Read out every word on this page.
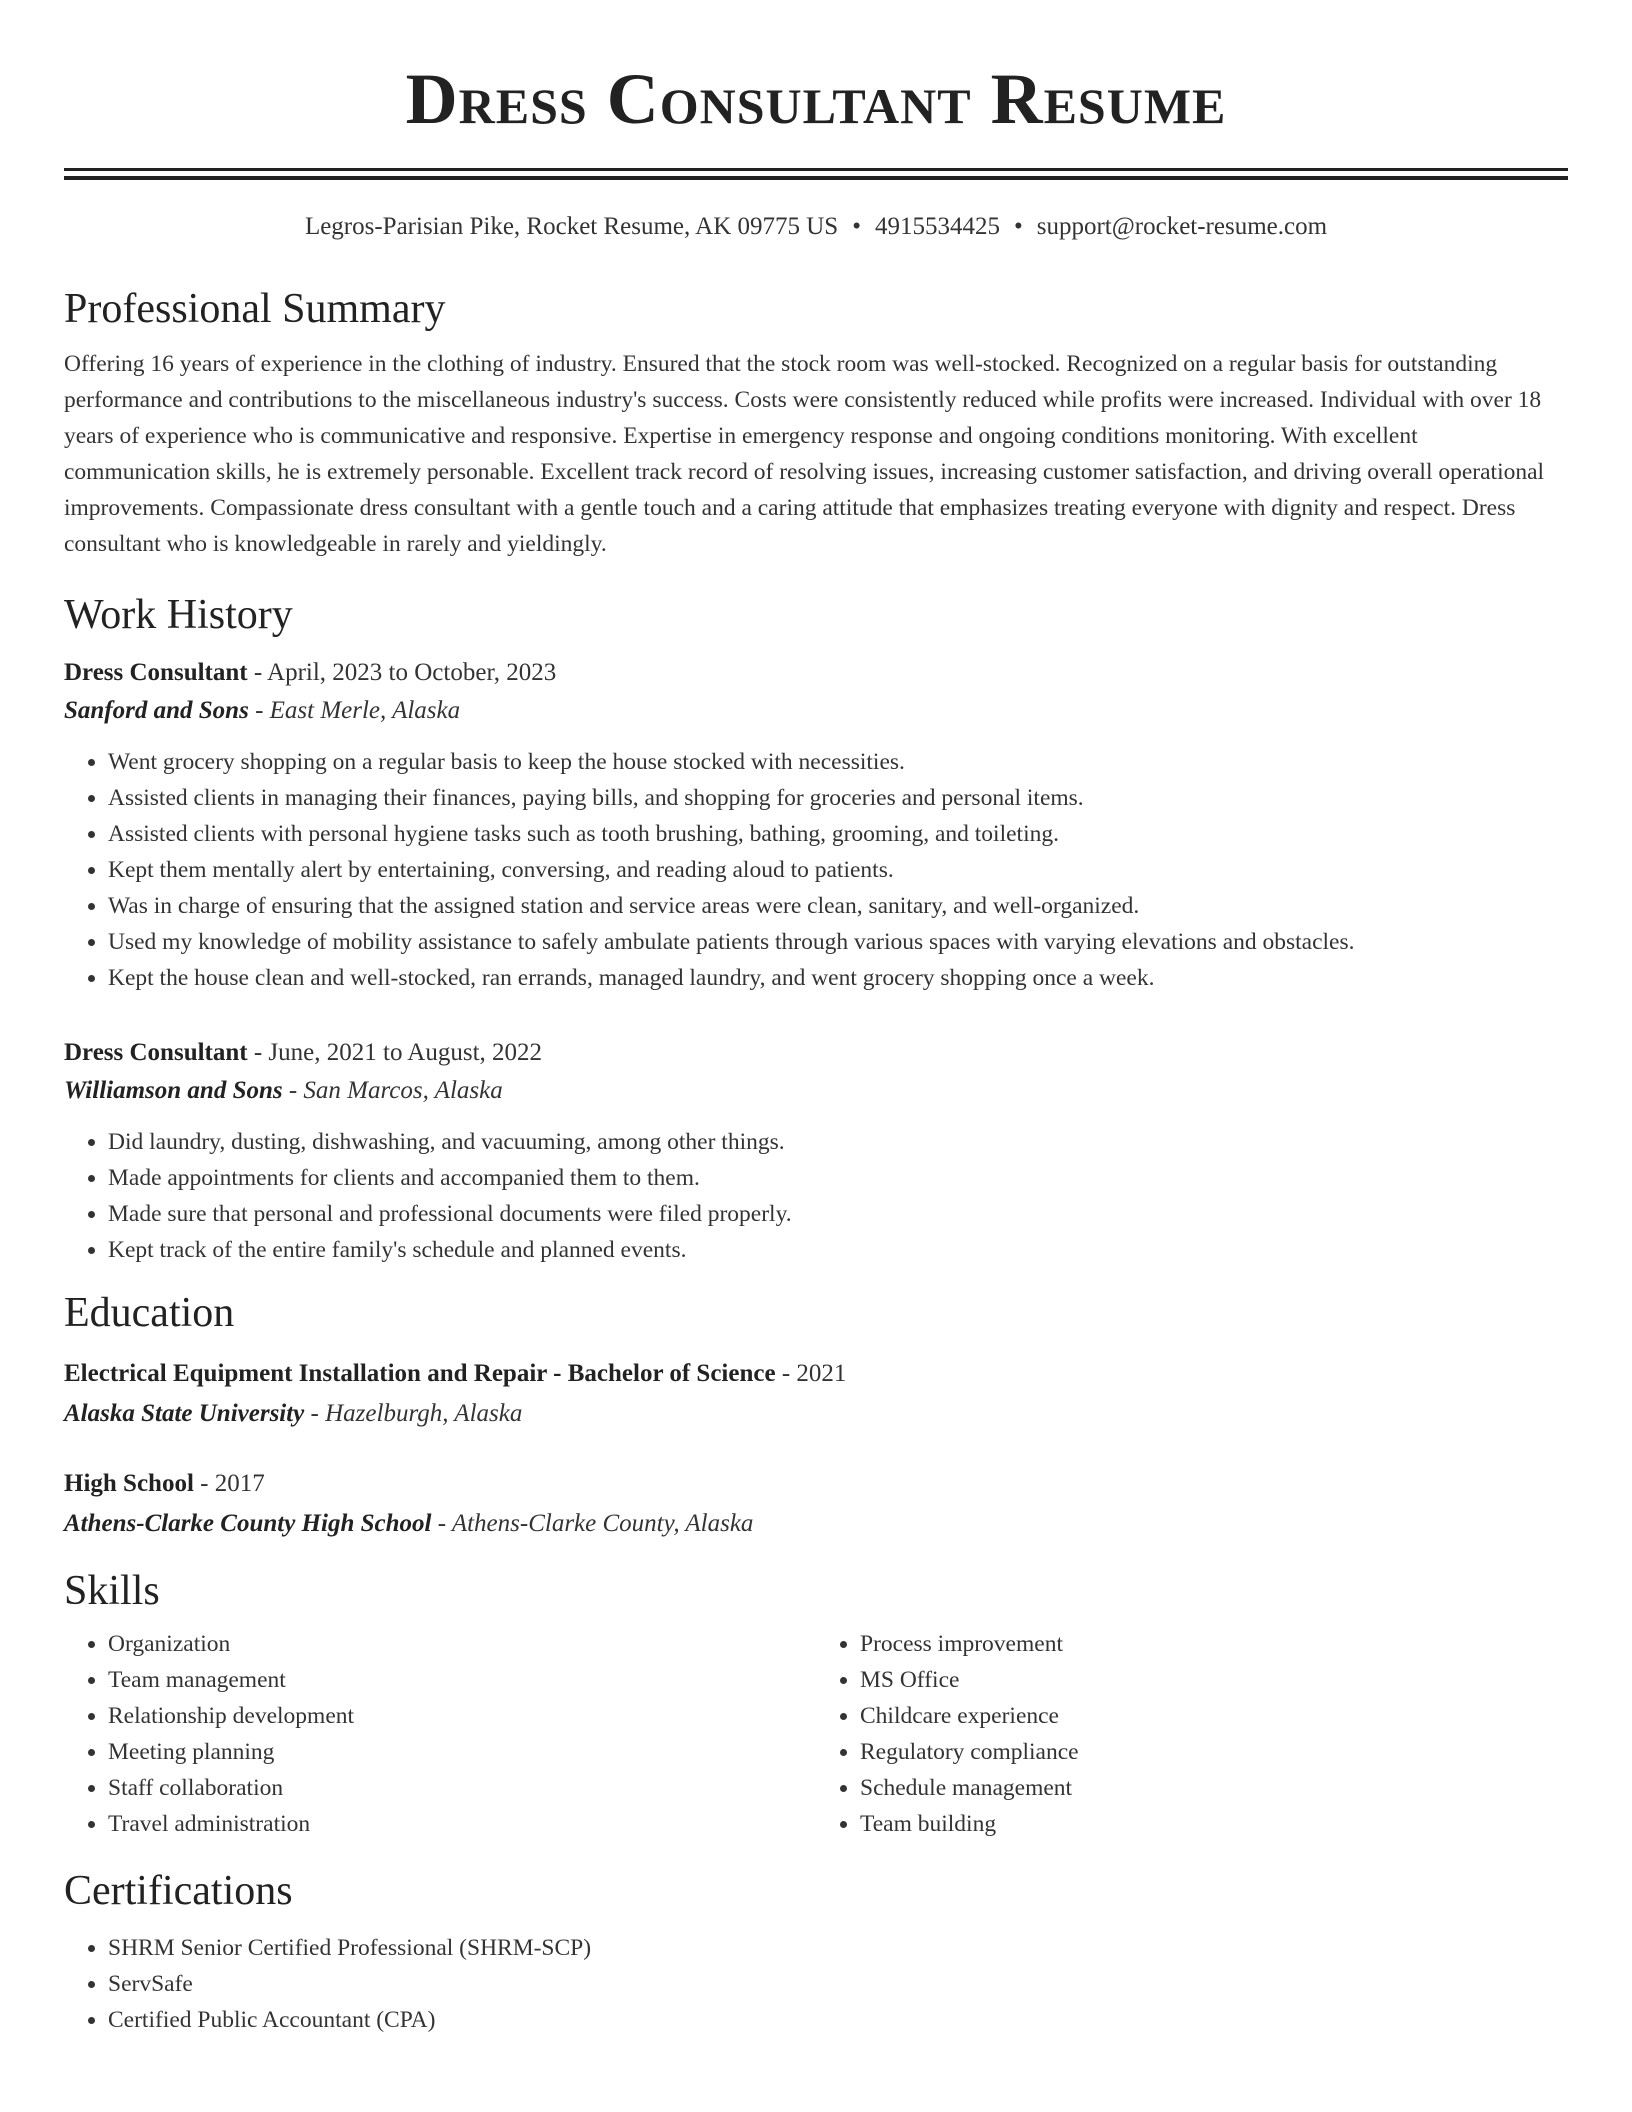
Dress Consultant Resume
Legros-Parisian Pike, Rocket Resume, AK 09775 US • 4915534425 • support@rocket-resume.com
Professional Summary

Offering 16 years of experience in the clothing of industry. Ensured that the stock room was well-stocked. Recognized on a regular basis for outstanding performance and contributions to the miscellaneous industry's success. Costs were consistently reduced while profits were increased. Individual with over 18 years of experience who is communicative and responsive. Expertise in emergency response and ongoing conditions monitoring. With excellent communication skills, he is extremely personable. Excellent track record of resolving issues, increasing customer satisfaction, and driving overall operational improvements. Compassionate dress consultant with a gentle touch and a caring attitude that emphasizes treating everyone with dignity and respect. Dress consultant who is knowledgeable in rarely and yieldingly.

Work History
Dress Consultant - April, 2023 to October, 2023
Sanford and Sons - East Merle, Alaska
• Went grocery shopping on a regular basis to keep the house stocked with necessities.
• Assisted clients in managing their finances, paying bills, and shopping for groceries and personal items.
• Assisted clients with personal hygiene tasks such as tooth brushing, bathing, grooming, and toileting.
• Kept them mentally alert by entertaining, conversing, and reading aloud to patients.
• Was in charge of ensuring that the assigned station and service areas were clean, sanitary, and well-organized.
• Used my knowledge of mobility assistance to safely ambulate patients through various spaces with varying elevations and obstacles.
• Kept the house clean and well-stocked, ran errands, managed laundry, and went grocery shopping once a week.
Dress Consultant - June, 2021 to August, 2022
Williamson and Sons - San Marcos, Alaska
• Did laundry, dusting, dishwashing, and vacuuming, among other things.
• Made appointments for clients and accompanied them to them.
• Made sure that personal and professional documents were filed properly.
• Kept track of the entire family's schedule and planned events.
Education
Electrical Equipment Installation and Repair - Bachelor of Science - 2021
Alaska State University - Hazelburgh, Alaska
High School - 2017
Athens-Clarke County High School - Athens-Clarke County, Alaska
Skills
• Organization
• Team management
• Relationship development
• Meeting planning
• Staff collaboration
• Travel administration
• Process improvement
• MS Office
• Childcare experience
• Regulatory compliance
• Schedule management
• Team building
Certifications
• SHRM Senior Certified Professional (SHRM-SCP)
• ServSafe
• Certified Public Accountant (CPA)
